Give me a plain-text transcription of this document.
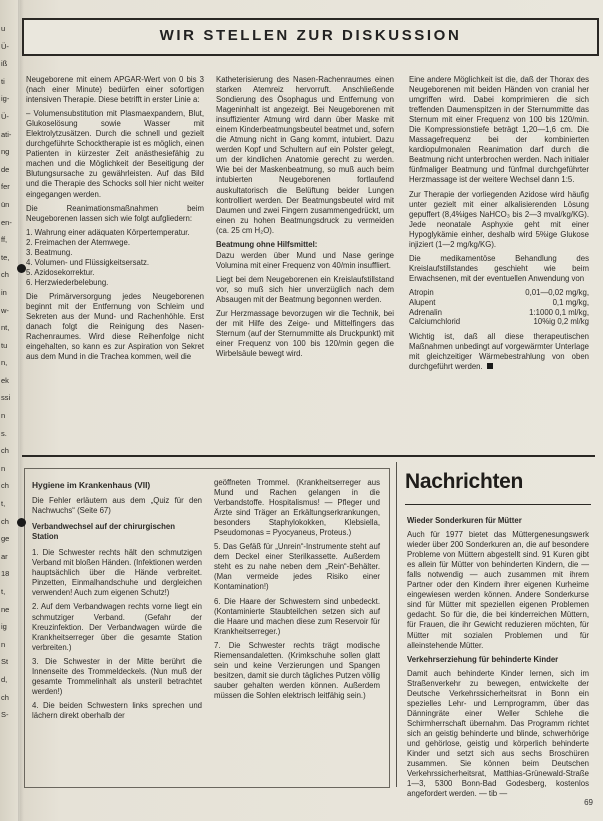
u
Ü-
iß
ti
ig-
Ü-
ati-
ng
de
fer
ün
en-
ff,
te,
ch
in
w-
nt,
tu
n,
ek
ssi
n
s.
ch
n
ch
t,
ch
ge
ar
18
t,
ne
ig
n
St
d,
ch
S-
WIR STELLEN ZUR DISKUSSION

Neugeborene mit einem APGAR-Wert von 0 bis 3 (nach einer Minute) bedürfen einer sofortigen intensiven Therapie. Diese betrifft in erster Linie a:

– Volumensubstitution mit Plasmaexpandern, Blut, Glukoselösung sowie Wasser mit Elektrolytzusätzen. Durch die schnell und gezielt durchgeführte Schocktherapie ist es möglich, einen Patienten in kürzester Zeit anästhesiefähig zu machen und die Möglichkeit der Beseitigung der Blutungsursache zu gewährleisten. Auf das Bild und die Therapie des Schocks soll hier nicht weiter eingegangen werden.

Die Reanimationsmaßnahmen beim Neugeborenen lassen sich wie folgt aufgliedern:

1. Wahrung einer adäquaten Körpertemperatur.
2. Freimachen der Atemwege.
3. Beatmung.
4. Volumen- und Flüssigkeitsersatz.
5. Azidosekorrektur.
6. Herzwiederbelebung.

Die Primärversorgung jedes Neugeborenen beginnt mit der Entfernung von Schleim und Sekreten aus der Mund- und Rachenhöhle. Erst danach folgt die Reinigung des Nasen-Rachenraumes. Wird diese Reihenfolge nicht eingehalten, so kann es zur Aspiration von Sekret aus dem Mund in die Trachea kommen, weil die

Katheterisierung des Nasen-Rachenraumes einen starken Atemreiz hervorruft. Anschließende Sondierung des Ösophagus und Entfernung von Mageninhalt ist angezeigt. Bei Neugeborenen mit insuffizienter Atmung wird dann über Maske mit einem Kinderbeatmungsbeutel beatmet und, sofern die Atmung nicht in Gang kommt, intubiert. Dazu werden Kopf und Schultern auf ein Polster gelegt, um der kindlichen Anatomie gerecht zu werden. Wie bei der Maskenbeatmung, so muß auch beim intubierten Neugeborenen fortlaufend auskultatorisch die Belüftung beider Lungen kontrolliert werden. Der Beatmungsbeutel wird mit Daumen und zwei Fingern zusammengedrückt, um einen zu hohen Beatmungsdruck zu vermeiden (ca. 25 cm H₂O).

Beatmung ohne Hilfsmittel:

Dazu werden über Mund und Nase geringe Volumina mit einer Frequenz von 40/min insuffliert.

Liegt bei dem Neugeborenen ein Kreislaufstillstand vor, so muß sich hier unverzüglich nach dem Absaugen mit der Beatmung begonnen werden.

Zur Herzmassage bevorzugen wir die Technik, bei der mit Hilfe des Zeige- und Mittelfingers das Sternum (auf der Sternummitte als Druckpunkt) mit einer Frequenz von 100 bis 120/min gegen die Wirbelsäule bewegt wird.

Eine andere Möglichkeit ist die, daß der Thorax des Neugeborenen mit beiden Händen von cranial her umgriffen wird. Dabei komprimieren die sich treffenden Daumenspitzen in der Sternummitte das Sternum mit einer Frequenz von 100 bis 120/min. Die Kompressionstiefe beträgt 1,20—1,6 cm. Die Massagefrequenz bei der kombinierten kardiopulmonalen Reanimation darf durch die Beatmung nicht unterbrochen werden. Nach initialer fünfmaliger Beatmung und fünfmal durchgeführter Herzmassage ist der weitere Wechsel dann 1:5.

Zur Therapie der vorliegenden Azidose wird häufig unter gezielt mit einer alkalisierenden Lösung gepuffert (8,4%iges NaHCO₃ bis 2—3 mval/kg/KG). Jede neonatale Asphyxie geht mit einer Hypoglykämie einher, deshalb wird 5%ige Glukose injiziert (1—2 mg/kg/KG).

Die medikamentöse Behandlung des Kreislaufstillstandes geschieht wie beim Erwachsenen, mit der eventuellen Anwendung von

Atropin	0,01—0,02 mg/kg,
Alupent	0,1 mg/kg,
Adrenalin	1:1000 0,1 ml/kg,
Calciumchlorid	10%ig 0,2 ml/kg

Wichtig ist, daß all diese therapeutischen Maßnahmen unbedingt auf vorgewärmter Unterlage mit gleichzeitiger Wärmebestrahlung von oben durchgeführt werden.

Hygiene im Krankenhaus (VII)

Die Fehler erläutern aus dem „Quiz für den Nachwuchs“ (Seite 67)

Verbandwechsel auf der chirurgischen Station

1. Die Schwester rechts hält den schmutzigen Verband mit bloßen Händen. (Infektionen werden hauptsächlich über die Hände verbreitet. Pinzetten, Einmalhandschuhe und dergleichen verwenden! Auch zum eigenen Schutz!)

2. Auf dem Verbandwagen rechts vorne liegt ein schmutziger Verband. (Gefahr der Kreuzinfektion. Der Verbandwagen würde die Krankheitserreger über die gesamte Station verbreiten.)

3. Die Schwester in der Mitte berührt die Innenseite des Trommeldeckels. (Nun muß der gesamte Trommelinhalt als unsteril betrachtet werden!)

4. Die beiden Schwestern links sprechen und lächern direkt oberhalb der

geöffneten Trommel. (Krankheitserreger aus Mund und Rachen gelangen in die Verbandstoffe. Hospitalismus! — Pfleger und Ärzte sind Träger an Erkältungserkrankungen, besonders Staphylokokken, Klebsiella, Pseudomonas = Pyocyaneus, Proteus.)

5. Das Gefäß für „Unrein“-Instrumente steht auf dem Deckel einer Sterilkassette. Außerdem steht es zu nahe neben dem „Rein“-Behälter. (Man vermeide jedes Risiko einer Kontamination!)

6. Die Haare der Schwestern sind unbedeckt. (Kontaminierte Staubteilchen setzen sich auf die Haare und machen diese zum Reservoir für Krankheitserreger.)

7. Die Schwester rechts trägt modische Riemensandaletten. (Krimkschuhe sollen glatt sein und keine Verzierungen und Spangen besitzen, damit sie durch tägliches Putzen völlig sauber gehalten werden können. Außerdem müssen die Sohlen elektrisch leitfähig sein.)

Nachrichten
Wieder Sonderkuren für Mütter

Auch für 1977 bietet das Müttergenesungswerk wieder über 200 Sonderkuren an, die auf besondere Probleme von Müttern abgestellt sind. 91 Kuren gibt es allein für Mütter von behinderten Kindern, die — falls notwendig — auch zusammen mit ihrem Partner oder den Kindern ihrer eigenen Kurheime eingewiesen werden können. Andere Sonderkurse sind für Mütter mit speziellen eigenen Problemen gedacht. So für die, die bei kinderreichen Müttern, für Frauen, die ihr Gewicht reduzieren möchten, für Mütter mit sozialen Problemen und für alleinstehende Mütter.

Verkehrserziehung für behinderte Kinder

Damit auch behinderte Kinder lernen, sich im Straßenverkehr zu bewegen, entwickelte der Deutsche Verkehrssicherheitsrat in Bonn ein spezielles Lehr- und Lernprogramm, über das Dänningräte einer Weller Schlehe die Schirmherrschaft übernahm. Das Programm richtet sich an geistig behinderte und blinde, schwerhörige und gehörlose, geistig und körperlich behinderte Kinder und setzt sich aus sechs Broschüren zusammen. Sie können beim Deutschen Verkehrssicherheitsrat, Matthias-Grünewald-Straße 1—3, 5300 Bonn-Bad Godesberg, kostenlos angefordert werden. — tib —

69
